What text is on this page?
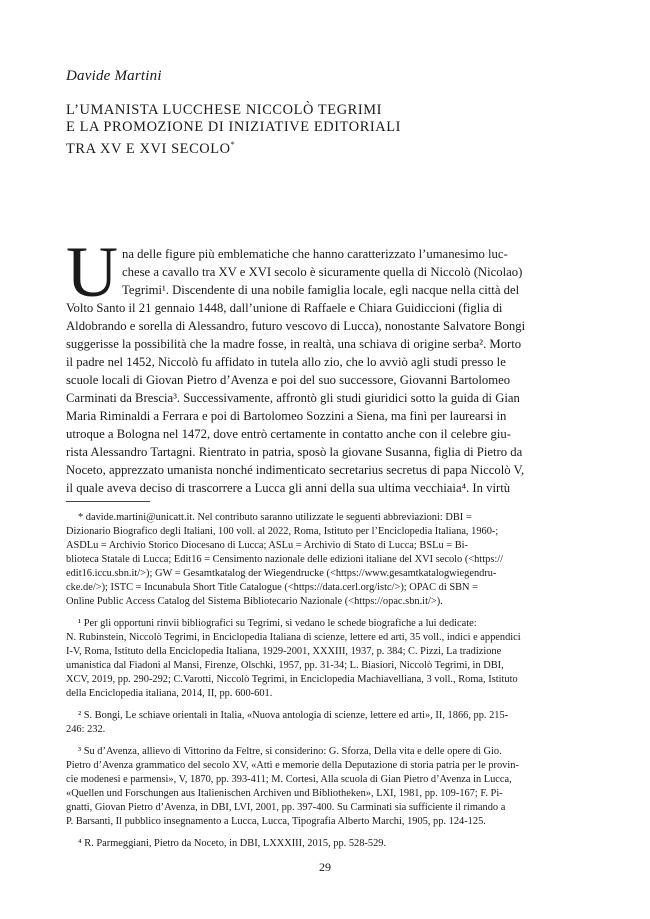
Davide Martini
L’UMANISTA LUCCHESE NICCOLÒ TEGRIMI
E LA PROMOZIONE DI INIZIATIVE EDITORIALI
TRA XV E XVI SECOLO*
U na delle figure più emblematiche che hanno caratterizzato l’umanesimo luc-
chese a cavallo tra XV e XVI secolo è sicuramente quella di Niccolò (Nicolao)
Tegrimi¹. Discendente di una nobile famiglia locale, egli nacque nella città del
Volto Santo il 21 gennaio 1448, dall’unione di Raffaele e Chiara Guidiccioni (figlia di
Aldobrando e sorella di Alessandro, futuro vescovo di Lucca), nonostante Salvatore Bongi
suggerisse la possibilità che la madre fosse, in realtà, una schiava di origine serba². Morto
il padre nel 1452, Niccolò fu affidato in tutela allo zio, che lo avviò agli studi presso le
scuole locali di Giovan Pietro d’Avenza e poi del suo successore, Giovanni Bartolomeo
Carminati da Brescia³. Successivamente, affrontò gli studi giuridici sotto la guida di Gian
Maria Riminaldi a Ferrara e poi di Bartolomeo Sozzini a Siena, ma finì per laurearsi in
utroque a Bologna nel 1472, dove entrò certamente in contatto anche con il celebre giu-
rista Alessandro Tartagni. Rientrato in patria, sposò la giovane Susanna, figlia di Pietro da
Noceto, apprezzato umanista nonché indimenticato secretarius secretus di papa Niccolò V,
il quale aveva deciso di trascorrere a Lucca gli anni della sua ultima vecchiaia⁴. In virtù
* davide.martini@unicatt.it. Nel contributo saranno utilizzate le seguenti abbreviazioni: DBI =
Dizionario Biografico degli Italiani, 100 voll. al 2022, Roma, Istituto per l’Enciclopedia Italiana, 1960-;
ASDLu = Archivio Storico Diocesano di Lucca; ASLu = Archivio di Stato di Lucca; BSLu = Bi-
blioteca Statale di Lucca; Edit16 = Censimento nazionale delle edizioni italiane del XVI secolo (<https://
edit16.iccu.sbn.it/>); GW = Gesamtkatalog der Wiegendrucke (<https://www.gesamtkatalogwiegendru-
cke.de/>); ISTC = Incunabula Short Title Catalogue (<https://data.cerl.org/istc/>); OPAC di SBN =
Online Public Access Catalog del Sistema Bibliotecario Nazionale (<https://opac.sbn.it/>).
¹ Per gli opportuni rinvii bibliografici su Tegrimi, si vedano le schede biografiche a lui dedicate:
N. Rubinstein, Niccolò Tegrimi, in Enciclopedia Italiana di scienze, lettere ed arti, 35 voll., indici e appendici
I-V, Roma, Istituto della Enciclopedia Italiana, 1929-2001, XXXIII, 1937, p. 384; C. Pizzi, La tradizione
umanistica dal Fiadoni al Mansi, Firenze, Olschki, 1957, pp. 31-34; L. Biasiori, Niccolò Tegrimi, in DBI,
XCV, 2019, pp. 290-292; C.Varotti, Niccolò Tegrimi, in Enciclopedia Machiavelliana, 3 voll., Roma, Istituto
della Enciclopedia italiana, 2014, II, pp. 600-601.
² S. Bongi, Le schiave orientali in Italia, «Nuova antologia di scienze, lettere ed arti», II, 1866, pp. 215-
246: 232.
³ Su d’Avenza, allievo di Vittorino da Feltre, si considerino: G. Sforza, Della vita e delle opere di Gio.
Pietro d’Avenza grammatico del secolo XV, «Atti e memorie della Deputazione di storia patria per le provin-
cie modenesi e parmensi», V, 1870, pp. 393-411; M. Cortesi, Alla scuola di Gian Pietro d’Avenza in Lucca,
«Quellen und Forschungen aus Italienischen Archiven und Bibliotheken», LXI, 1981, pp. 109-167; F. Pi-
gnatti, Giovan Pietro d’Avenza, in DBI, LVI, 2001, pp. 397-400. Su Carminati sia sufficiente il rimando a
P. Barsanti, Il pubblico insegnamento a Lucca, Lucca, Tipografia Alberto Marchi, 1905, pp. 124-125.
⁴ R. Parmeggiani, Pietro da Noceto, in DBI, LXXXIII, 2015, pp. 528-529.
29
